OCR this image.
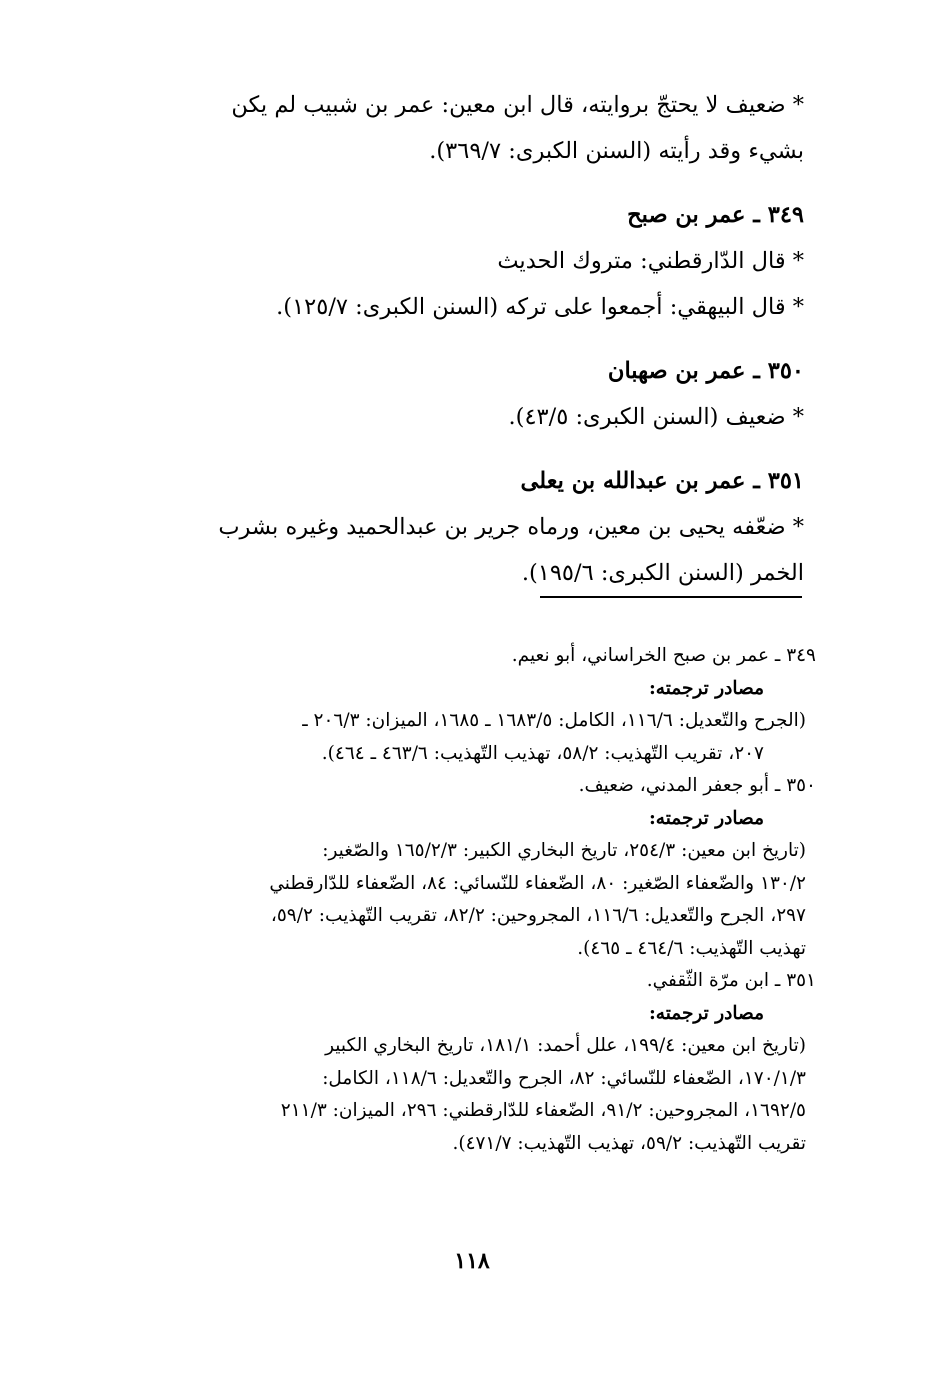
* ضعيف لا يحتجّ بروايته، قال ابن معين: عمر بن شبيب لم يكن

بشيء وقد رأيته (السنن الكبرى: ٣٦٩/٧).

٣٤٩ ـ عمر بن صبح

* قال الدّارقطني: متروك الحديث

* قال البيهقي: أجمعوا على تركه (السنن الكبرى: ١٢٥/٧).

٣٥٠ ـ عمر بن صهبان

* ضعيف (السنن الكبرى: ٤٣/٥).

٣٥١ ـ عمر بن عبدالله بن يعلى

* ضعّفه يحيى بن معين، ورماه جرير بن عبدالحميد وغيره بشرب

الخمر (السنن الكبرى: ١٩٥/٦).

٣٤٩ ـ عمر بن صبح الخراساني، أبو نعيم.

مصادر ترجمته:

(الجرح والتّعديل: ١١٦/٦، الكامل: ١٦٨٣/٥ ـ ١٦٨٥، الميزان: ٢٠٦/٣ ـ

٢٠٧، تقريب التّهذيب: ٥٨/٢، تهذيب التّهذيب: ٤٦٣/٦ ـ ٤٦٤).

٣٥٠ ـ أبو جعفر المدني، ضعيف.

مصادر ترجمته:

(تاريخ ابن معين: ٢٥٤/٣، تاريخ البخاري الكبير: ١٦٥/٢/٣ والصّغير:

١٣٠/٢ والضّعفاء الصّغير: ٨٠، الضّعفاء للنّسائي: ٨٤، الضّعفاء للدّارقطني

٢٩٧، الجرح والتّعديل: ١١٦/٦، المجروحين: ٨٢/٢، تقريب التّهذيب: ٥٩/٢،

تهذيب التّهذيب: ٤٦٤/٦ ـ ٤٦٥).

٣٥١ ـ ابن مرّة الثّقفي.

مصادر ترجمته:

(تاريخ ابن معين: ١٩٩/٤، علل أحمد: ١٨١/١، تاريخ البخاري الكبير

١٧٠/١/٣، الضّعفاء للنّسائي: ٨٢، الجرح والتّعديل: ١١٨/٦، الكامل:

١٦٩٢/٥، المجروحين: ٩١/٢، الضّعفاء للدّارقطني: ٢٩٦، الميزان: ٢١١/٣

تقريب التّهذيب: ٥٩/٢، تهذيب التّهذيب: ٤٧١/٧).

١١٨
